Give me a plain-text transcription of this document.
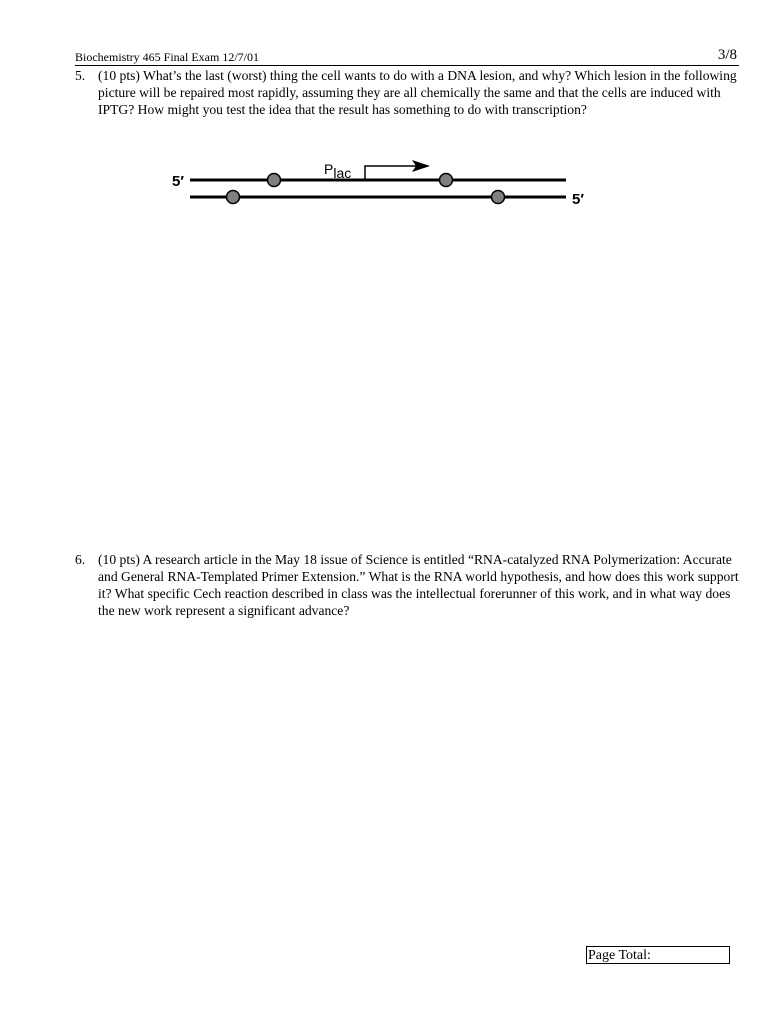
Biochemistry 465 Final Exam 12/7/01	3/8
5. (10 pts) What’s the last (worst) thing the cell wants to do with a DNA lesion, and why? Which lesion in the following picture will be repaired most rapidly, assuming they are all chemically the same and that the cells are induced with IPTG? How might you test the idea that the result has something to do with transcription?
5′
5′
Plac
6. (10 pts) A research article in the May 18 issue of Science is entitled “RNA-catalyzed RNA Polymerization: Accurate and General RNA-Templated Primer Extension.” What is the RNA world hypothesis, and how does this work support it? What specific Cech reaction described in class was the intellectual forerunner of this work, and in what way does the new work represent a significant advance?
Page Total:
